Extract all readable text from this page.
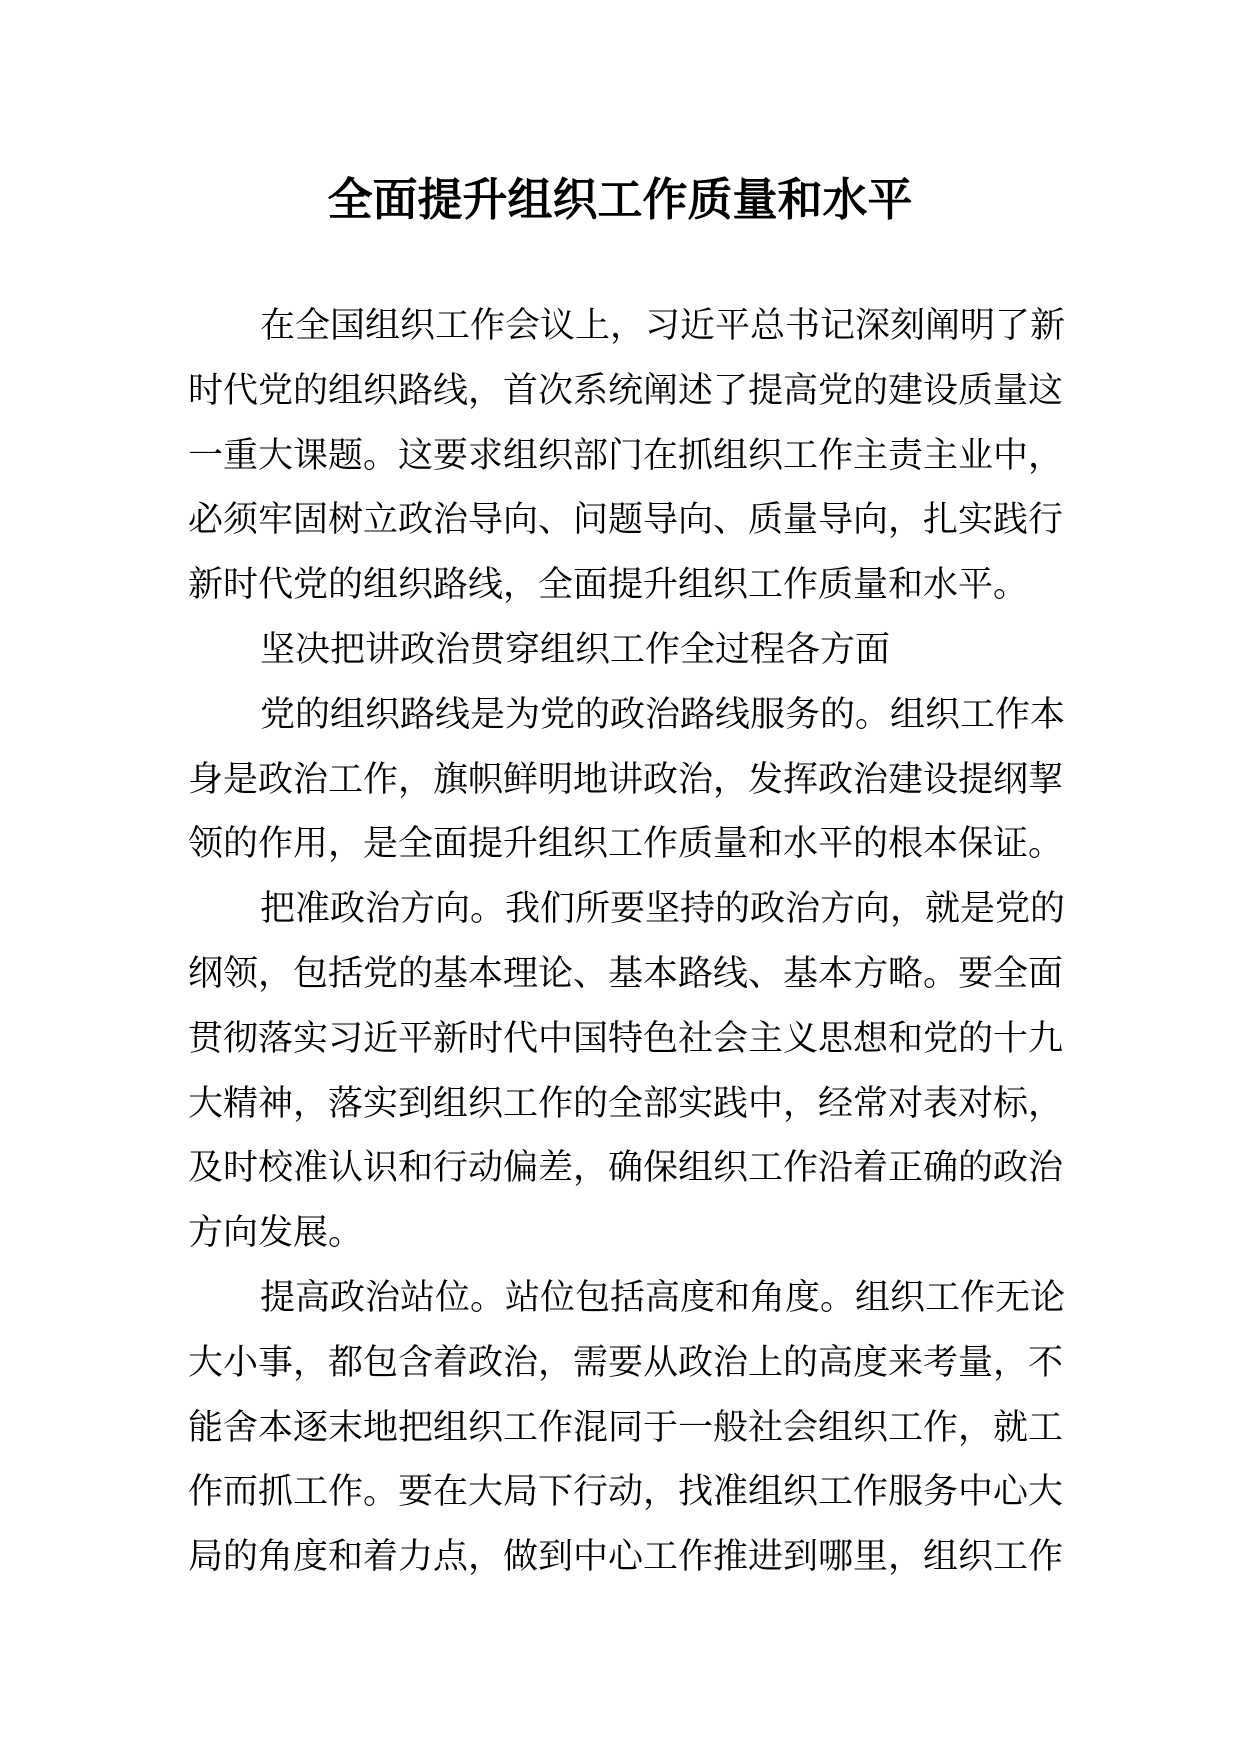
全面提升组织工作质量和水平
在全国组织工作会议上，习近平总书记深刻阐明了新
时代党的组织路线，首次系统阐述了提高党的建设质量这
一重大课题。这要求组织部门在抓组织工作主责主业中，
必须牢固树立政治导向、问题导向、质量导向，扎实践行
新时代党的组织路线，全面提升组织工作质量和水平。
坚决把讲政治贯穿组织工作全过程各方面
党的组织路线是为党的政治路线服务的。组织工作本
身是政治工作，旗帜鲜明地讲政治，发挥政治建设提纲挈
领的作用，是全面提升组织工作质量和水平的根本保证。
把准政治方向。我们所要坚持的政治方向，就是党的
纲领，包括党的基本理论、基本路线、基本方略。要全面
贯彻落实习近平新时代中国特色社会主义思想和党的十九
大精神，落实到组织工作的全部实践中，经常对表对标，
及时校准认识和行动偏差，确保组织工作沿着正确的政治
方向发展。
提高政治站位。站位包括高度和角度。组织工作无论
大小事，都包含着政治，需要从政治上的高度来考量，不
能舍本逐末地把组织工作混同于一般社会组织工作，就工
作而抓工作。要在大局下行动，找准组织工作服务中心大
局的角度和着力点，做到中心工作推进到哪里，组织工作
